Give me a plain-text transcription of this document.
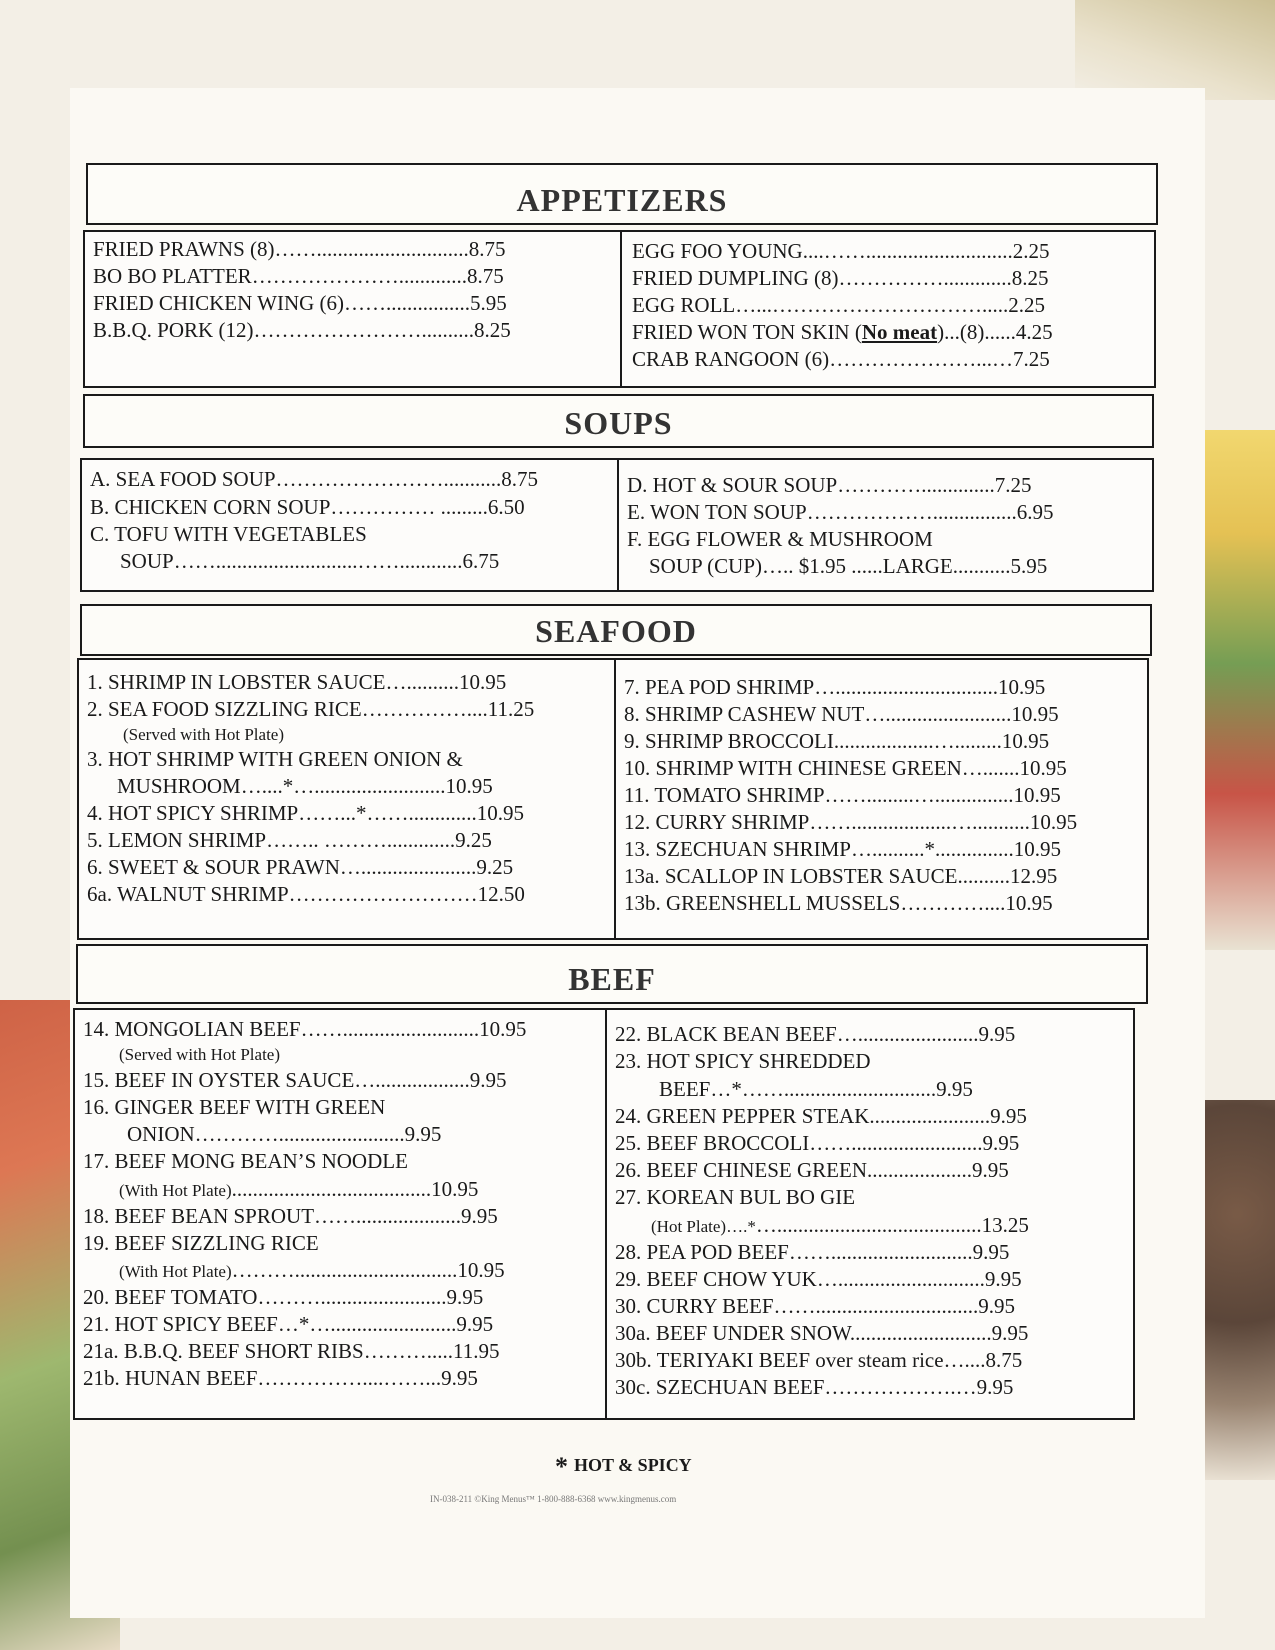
APPETIZERS
FRIED PRAWNS (8)…….............................8.75
BO BO PLATTER………………….............8.75
FRIED CHICKEN WING (6)……................5.95
B.B.Q. PORK (12)……………………..........8.25
EGG FOO YOUNG....……............................2.25
FRIED DUMPLING (8)…………….............8.25
EGG ROLL…...………………………….....2.25
FRIED WON TON SKIN (No meat)...(8)......4.25
CRAB RANGOON (6)…………………...…7.25
SOUPS
A. SEA FOOD SOUP……………………...........8.75
B. CHICKEN CORN SOUP…………… .........6.50
C. TOFU WITH VEGETABLES
SOUP……...........................……............6.75
D. HOT & SOUR SOUP…………..............7.25
E. WON TON SOUP………………................6.95
F. EGG FLOWER & MUSHROOM
SOUP (CUP)….. $1.95 ......LARGE...........5.95
SEAFOOD
1. SHRIMP IN LOBSTER SAUCE…..........10.95
2. SEA FOOD SIZZLING RICE……………....11.25
(Served with Hot Plate)
3. HOT SHRIMP WITH GREEN ONION &
MUSHROOM…....*….........................10.95
4. HOT SPICY SHRIMP……...*…….............10.95
5. LEMON SHRIMP…….. ……….............9.25
6. SWEET & SOUR PRAWN…......................9.25
6a. WALNUT SHRIMP………………………12.50
7. PEA POD SHRIMP…...............................10.95
8. SHRIMP CASHEW NUT…........................10.95
9. SHRIMP BROCCOLI...................….........10.95
10. SHRIMP WITH CHINESE GREEN….......10.95
11. TOMATO SHRIMP…….........…...............10.95
12. CURRY SHRIMP……...................…...........10.95
13. SZECHUAN SHRIMP…..........*...............10.95
13a. SCALLOP IN LOBSTER SAUCE..........12.95
13b. GREENSHELL MUSSELS…………....10.95
BEEF
14. MONGOLIAN BEEF……..........................10.95
(Served with Hot Plate)
15. BEEF IN OYSTER SAUCE…..................9.95
16. GINGER BEEF WITH GREEN
ONION…………........................9.95
17. BEEF MONG BEAN’S NOODLE
(With Hot Plate)......................................10.95
18. BEEF BEAN SPROUT……....................9.95
19. BEEF SIZZLING RICE
(With Hot Plate)………...............................10.95
20. BEEF TOMATO………........................9.95
21. HOT SPICY BEEF…*…........................9.95
21a. B.B.Q. BEEF SHORT RIBS……….....11.95
21b. HUNAN BEEF……………....……...9.95
22. BLACK BEAN BEEF….......................9.95
23. HOT SPICY SHREDDED
BEEF…*…….............................9.95
24. GREEN PEPPER STEAK.......................9.95
25. BEEF BROCCOLI…….........................9.95
26. BEEF CHINESE GREEN....................9.95
27. KOREAN BUL BO GIE
(Hot Plate)….*….......................................13.25
28. PEA POD BEEF……...........................9.95
29. BEEF CHOW YUK…............................9.95
30. CURRY BEEF……...............................9.95
30a. BEEF UNDER SNOW...........................9.95
30b. TERIYAKI BEEF over steam rice…....8.75
30c. SZECHUAN BEEF……………….…9.95
* HOT & SPICY
IN-038-211 ©King Menus™ 1-800-888-6368 www.kingmenus.com
